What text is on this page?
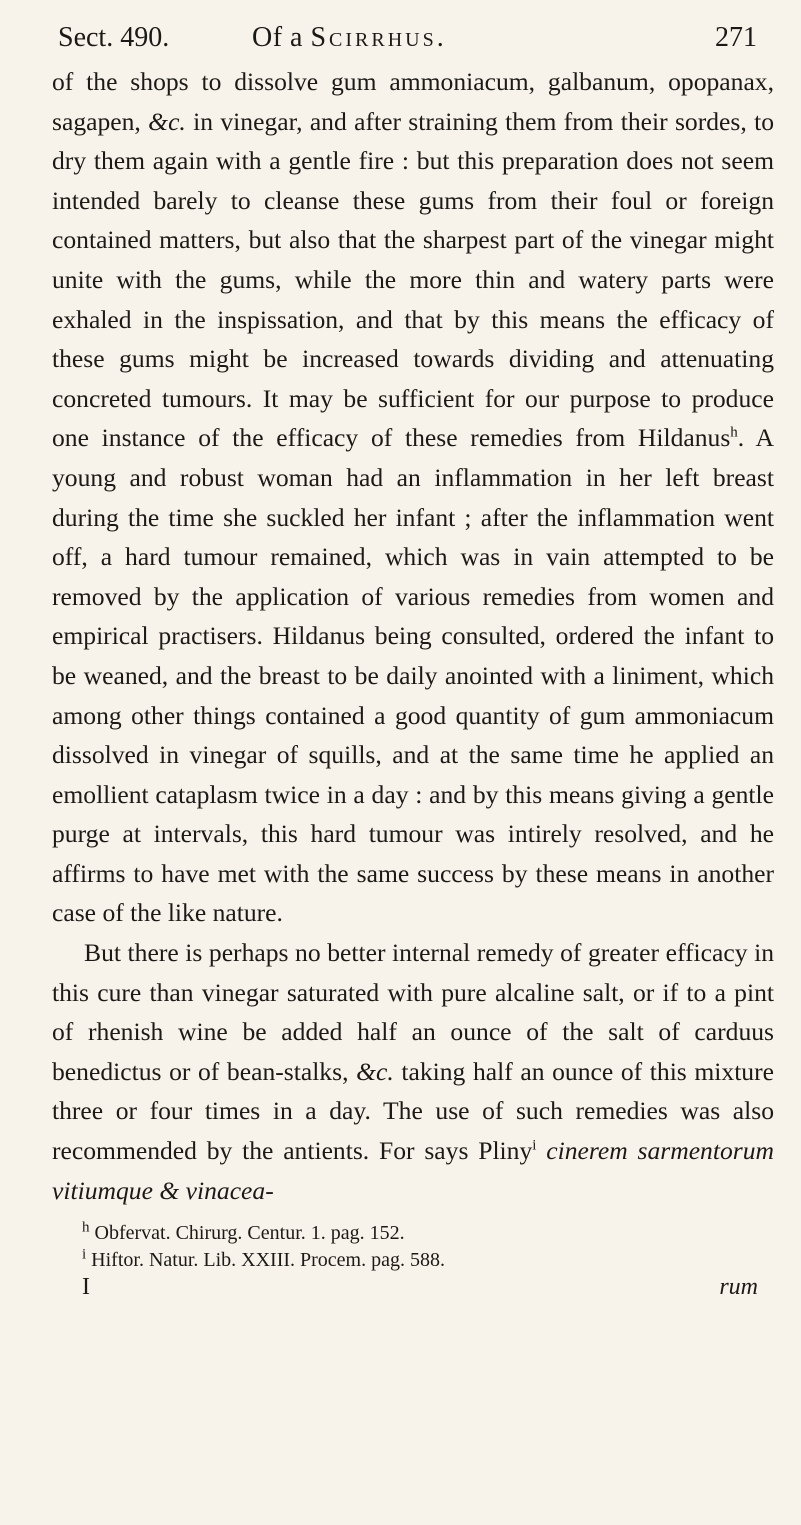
Sect. 490.	Of a Scirrhus.	271

of the shops to dissolve gum ammoniacum, galbanum, opopanax, sagapen, &c. in vinegar, and after straining them from their sordes, to dry them again with a gentle fire : but this preparation does not seem intended barely to cleanse these gums from their foul or foreign contained matters, but also that the sharpest part of the vinegar might unite with the gums, while the more thin and watery parts were exhaled in the inspissation, and that by this means the efficacy of these gums might be increased towards dividing and attenuating concreted tumours. It may be sufficient for our purpose to produce one instance of the efficacy of these remedies from Hildanus$^h$. A young and robust woman had an inflammation in her left breast during the time she suckled her infant ; after the inflammation went off, a hard tumour remained, which was in vain attempted to be removed by the application of various remedies from women and empirical practisers. Hildanus being consulted, ordered the infant to be weaned, and the breast to be daily anointed with a liniment, which among other things contained a good quantity of gum ammoniacum dissolved in vinegar of squills, and at the same time he applied an emollient cataplasm twice in a day : and by this means giving a gentle purge at intervals, this hard tumour was intirely resolved, and he affirms to have met with the same success by these means in another case of the like nature.

But there is perhaps no better internal remedy of greater efficacy in this cure than vinegar saturated with pure alcaline salt, or if to a pint of rhenish wine be added half an ounce of the salt of carduus benedictus or of bean-stalks, &c. taking half an ounce of this mixture three or four times in a day. The use of such remedies was also recommended by the antients. For says Pliny$^i$ cinerem sarmentorum vitiumque & vinacea-

$^h$ Obfervat. Chirurg. Centur. 1. pag. 152.
$^i$ Hiftor. Natur. Lib. XXIII. Procem. pag. 588.
I	rum
